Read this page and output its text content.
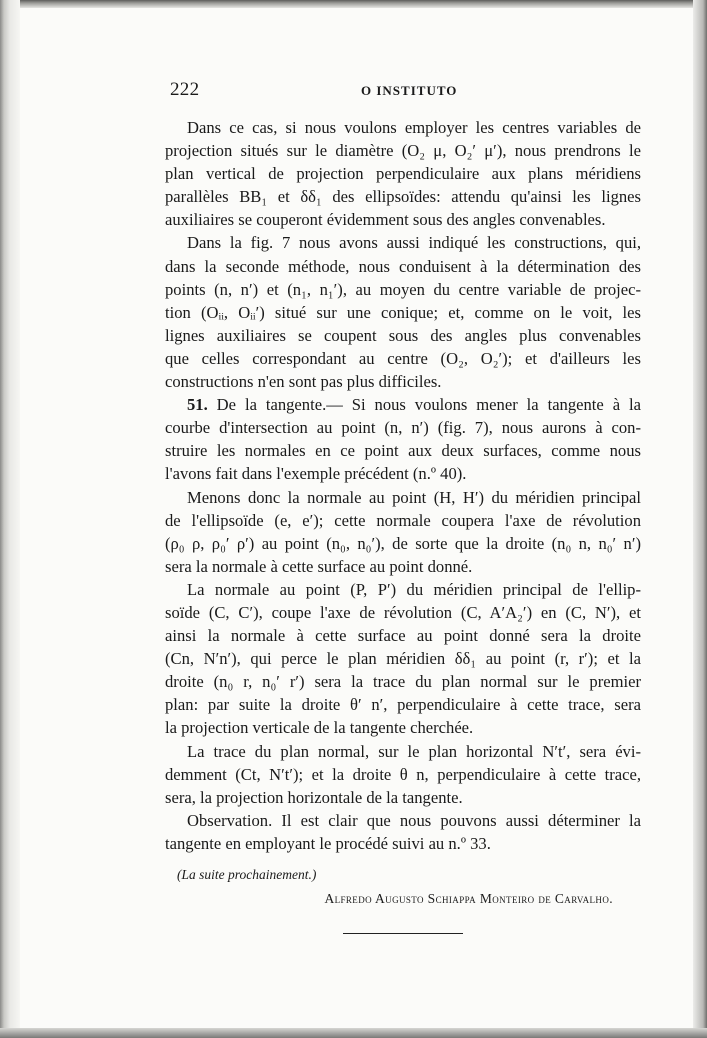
222	O INSTITUTO
Dans ce cas, si nous voulons employer les centres variables de
projection situés sur le diamètre (O₂ μ, O₂′ μ′), nous prendrons le
plan vertical de projection perpendiculaire aux plans méridiens
parallèles BB₁ et δδ₁ des ellipsoïdes: attendu qu'ainsi les lignes
auxiliaires se couperont évidemment sous des angles convenables.
Dans la fig. 7 nous avons aussi indiqué les constructions, qui,
dans la seconde méthode, nous conduisent à la détermination des
points (n, n′) et (n₁, n₁′), au moyen du centre variable de projec-
tion (Oᵢᵢ, Oᵢᵢ′) situé sur une conique; et, comme on le voit, les
lignes auxiliaires se coupent sous des angles plus convenables
que celles correspondant au centre (O₂, O₂′); et d'ailleurs les
constructions n'en sont pas plus difficiles.
51. De la tangente.— Si nous voulons mener la tangente à la
courbe d'intersection au point (n, n′) (fig. 7), nous aurons à con-
struire les normales en ce point aux deux surfaces, comme nous
l'avons fait dans l'exemple précédent (n.º 40).
Menons donc la normale au point (H, H′) du méridien principal
de l'ellipsoïde (e, e′); cette normale coupera l'axe de révolution
(ρ₀ ρ, ρ₀′ ρ′) au point (n₀, n₀′), de sorte que la droite (n₀ n, n₀′ n′)
sera la normale à cette surface au point donné.
La normale au point (P, P′) du méridien principal de l'ellip-
soïde (C, C′), coupe l'axe de révolution (C, A′A₂′) en (C, N′), et
ainsi la normale à cette surface au point donné sera la droite
(Cn, N′n′), qui perce le plan méridien δδ₁ au point (r, r′); et la
droite (n₀ r, n₀′ r′) sera la trace du plan normal sur le premier
plan: par suite la droite θ′ n′, perpendiculaire à cette trace, sera
la projection verticale de la tangente cherchée.
La trace du plan normal, sur le plan horizontal N′t′, sera évi-
demment (Ct, N′t′); et la droite θ n, perpendiculaire à cette trace,
sera, la projection horizontale de la tangente.
Observation. Il est clair que nous pouvons aussi déterminer la
tangente en employant le procédé suivi au n.º 33.
(La suite prochainement.)
Alfredo Augusto Schiappa Monteiro de Carvalho.
